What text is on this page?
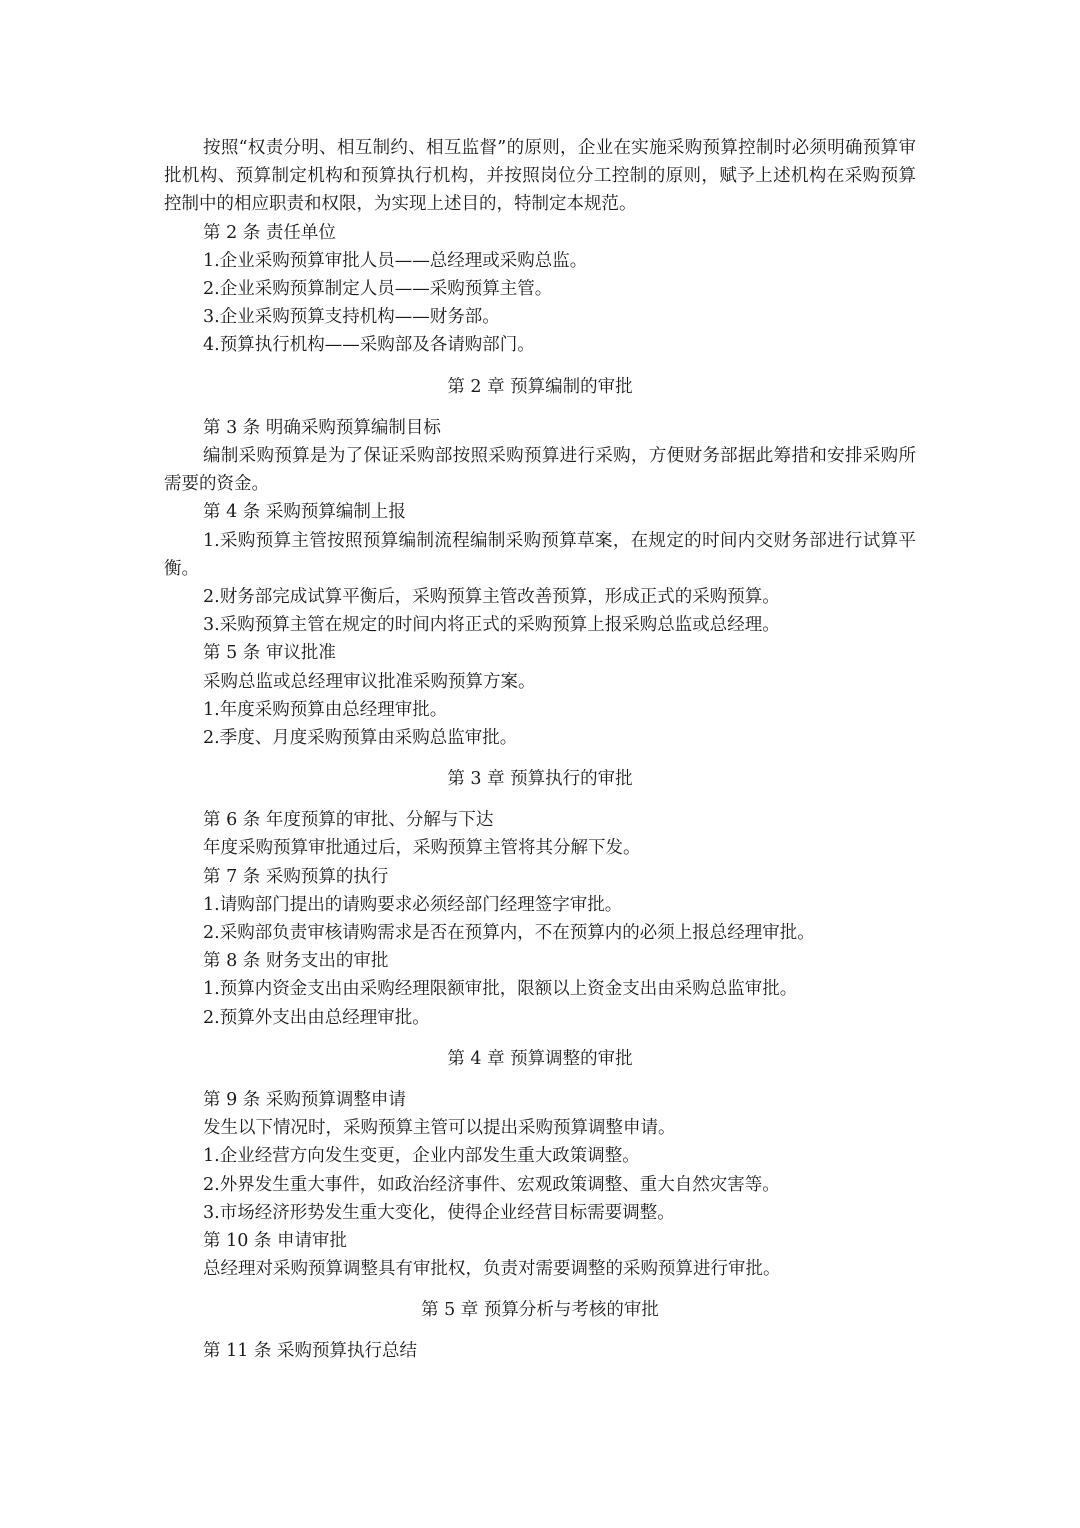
按照“权责分明、相互制约、相互监督”的原则，企业在实施采购预算控制时必须明确预算审批机构、预算制定机构和预算执行机构，并按照岗位分工控制的原则，赋予上述机构在采购预算控制中的相应职责和权限，为实现上述目的，特制定本规范。
第 2 条 责任单位
1.企业采购预算审批人员——总经理或采购总监。
2.企业采购预算制定人员——采购预算主管。
3.企业采购预算支持机构——财务部。
4.预算执行机构——采购部及各请购部门。
第 2 章 预算编制的审批
第 3 条 明确采购预算编制目标
编制采购预算是为了保证采购部按照采购预算进行采购，方便财务部据此筹措和安排采购所需要的资金。
第 4 条 采购预算编制上报
1.采购预算主管按照预算编制流程编制采购预算草案，在规定的时间内交财务部进行试算平衡。
2.财务部完成试算平衡后，采购预算主管改善预算，形成正式的采购预算。
3.采购预算主管在规定的时间内将正式的采购预算上报采购总监或总经理。
第 5 条 审议批准
采购总监或总经理审议批准采购预算方案。
1.年度采购预算由总经理审批。
2.季度、月度采购预算由采购总监审批。
第 3 章 预算执行的审批
第 6 条 年度预算的审批、分解与下达
年度采购预算审批通过后，采购预算主管将其分解下发。
第 7 条 采购预算的执行
1.请购部门提出的请购要求必须经部门经理签字审批。
2.采购部负责审核请购需求是否在预算内，不在预算内的必须上报总经理审批。
第 8 条 财务支出的审批
1.预算内资金支出由采购经理限额审批，限额以上资金支出由采购总监审批。
2.预算外支出由总经理审批。
第 4 章 预算调整的审批
第 9 条 采购预算调整申请
发生以下情况时，采购预算主管可以提出采购预算调整申请。
1.企业经营方向发生变更，企业内部发生重大政策调整。
2.外界发生重大事件，如政治经济事件、宏观政策调整、重大自然灾害等。
3.市场经济形势发生重大变化，使得企业经营目标需要调整。
第 10 条 申请审批
总经理对采购预算调整具有审批权，负责对需要调整的采购预算进行审批。
第 5 章 预算分析与考核的审批
第 11 条 采购预算执行总结
